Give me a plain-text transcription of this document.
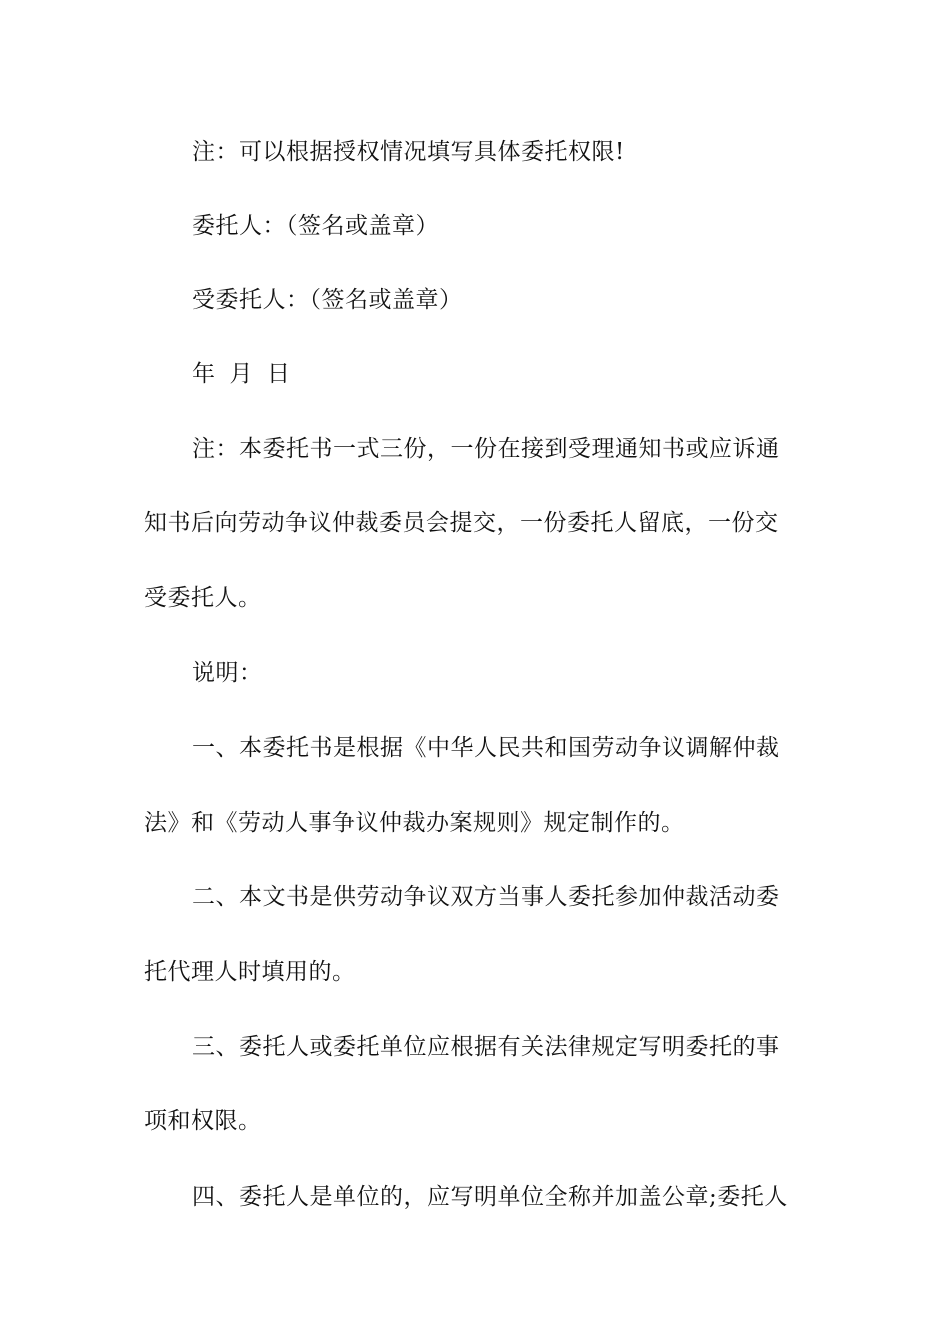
注：可以根据授权情况填写具体委托权限!
委托人：（签名或盖章）
受委托人：（签名或盖章）
年 月 日
注：本委托书一式三份，一份在接到受理通知书或应诉通
知书后向劳动争议仲裁委员会提交，一份委托人留底，一份交
受委托人。
说明：
一、本委托书是根据《中华人民共和国劳动争议调解仲裁
法》和《劳动人事争议仲裁办案规则》规定制作的。
二、本文书是供劳动争议双方当事人委托参加仲裁活动委
托代理人时填用的。
三、委托人或委托单位应根据有关法律规定写明委托的事
项和权限。
四、委托人是单位的，应写明单位全称并加盖公章;委托人
